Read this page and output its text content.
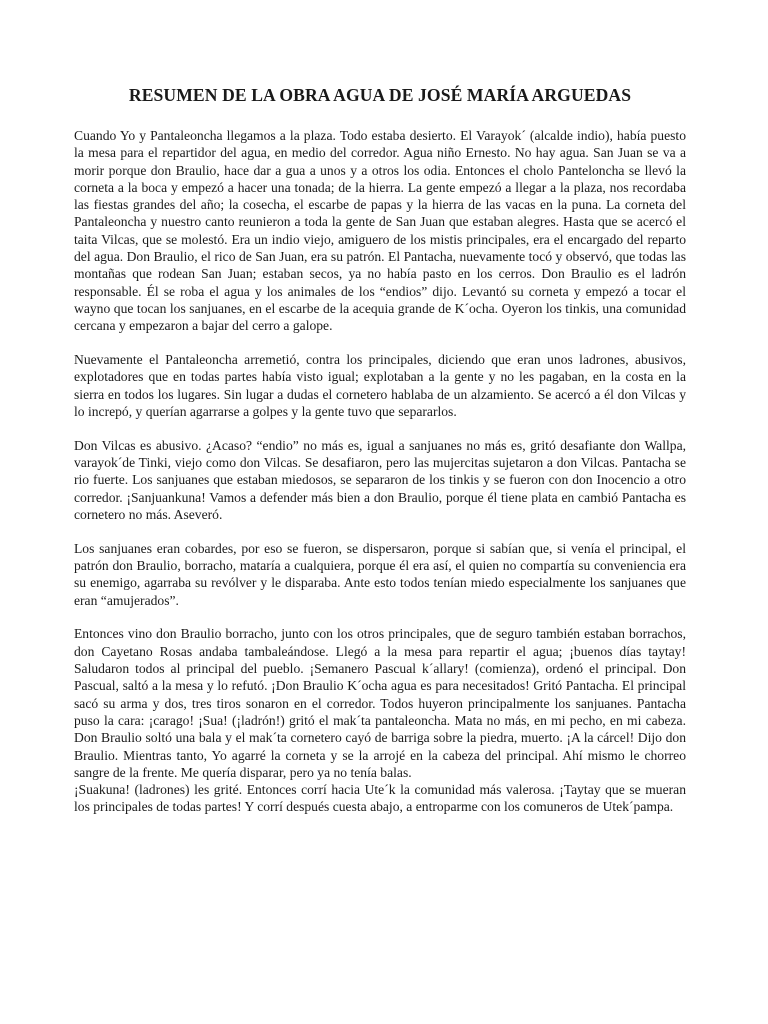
RESUMEN DE LA OBRA AGUA DE JOSÉ MARÍA ARGUEDAS

Cuando Yo y Pantaleoncha llegamos a la plaza. Todo estaba desierto. El Varayok´ (alcalde indio), había puesto la mesa para el repartidor del agua, en medio del corredor. Agua niño Ernesto. No hay agua. San Juan se va a morir porque don Braulio, hace dar a gua a unos y a otros los odia. Entonces el cholo Panteloncha se llevó la corneta a la boca y empezó a hacer una tonada; de la hierra. La gente empezó a llegar a la plaza, nos recordaba las fiestas grandes del año; la cosecha, el escarbe de papas y la hierra de las vacas en la puna. La corneta del Pantaleoncha y nuestro canto reunieron a toda la gente de San Juan que estaban alegres. Hasta que se acercó el taita Vilcas, que se molestó. Era un indio viejo, amiguero de los mistis principales, era el encargado del reparto del agua. Don Braulio, el rico de San Juan, era su patrón. El Pantacha, nuevamente tocó y observó, que todas las montañas que rodean San Juan; estaban secos, ya no había pasto en los cerros. Don Braulio es el ladrón responsable. Él se roba el agua y los animales de los “endios” dijo. Levantó su corneta y empezó a tocar el wayno que tocan los sanjuanes, en el escarbe de la acequia grande de K´ocha. Oyeron los tinkis, una comunidad cercana y empezaron a bajar del cerro a galope.

Nuevamente el Pantaleoncha arremetió, contra los principales, diciendo que eran unos ladrones, abusivos, explotadores que en todas partes había visto igual; explotaban a la gente y no les pagaban, en la costa en la sierra en todos los lugares. Sin lugar a dudas el cornetero hablaba de un alzamiento. Se acercó a él don Vilcas y lo increpó, y querían agarrarse a golpes y la gente tuvo que separarlos.

Don Vilcas es abusivo. ¿Acaso? “endio” no más es, igual a sanjuanes no más es, gritó desafiante don Wallpa, varayok´de Tinki, viejo como don Vilcas. Se desafiaron, pero las mujercitas sujetaron a don Vilcas. Pantacha se rio fuerte. Los sanjuanes que estaban miedosos, se separaron de los tinkis y se fueron con don Inocencio a otro corredor. ¡Sanjuankuna! Vamos a defender más bien a don Braulio, porque él tiene plata en cambió Pantacha es cornetero no más. Aseveró.

Los sanjuanes eran cobardes, por eso se fueron, se dispersaron, porque si sabían que, si venía el principal, el patrón don Braulio, borracho, mataría a cualquiera, porque él era así, el quien no compartía su conveniencia era su enemigo, agarraba su revólver y le disparaba. Ante esto todos tenían miedo especialmente los sanjuanes que eran “amujerados”.

Entonces vino don Braulio borracho, junto con los otros principales, que de seguro también estaban borrachos, don Cayetano Rosas andaba tambaleándose. Llegó a la mesa para repartir el agua; ¡buenos días taytay! Saludaron todos al principal del pueblo. ¡Semanero Pascual k´allary! (comienza), ordenó el principal. Don Pascual, saltó a la mesa y lo refutó. ¡Don Braulio K´ocha agua es para necesitados! Gritó Pantacha. El principal sacó su arma y dos, tres tiros sonaron en el corredor. Todos huyeron principalmente los sanjuanes. Pantacha puso la cara: ¡carago! ¡Sua! (¡ladrón!) gritó el mak´ta pantaleoncha. Mata no más, en mi pecho, en mi cabeza. Don Braulio soltó una bala y el mak´ta cornetero cayó de barriga sobre la piedra, muerto. ¡A la cárcel! Dijo don Braulio. Mientras tanto, Yo agarré la corneta y se la arrojé en la cabeza del principal. Ahí mismo le chorreo sangre de la frente. Me quería disparar, pero ya no tenía balas.

¡Suakuna! (ladrones) les grité. Entonces corrí hacia Ute´k la comunidad más valerosa. ¡Taytay que se mueran los principales de todas partes! Y corrí después cuesta abajo, a entroparme con los comuneros de Utek´pampa.
